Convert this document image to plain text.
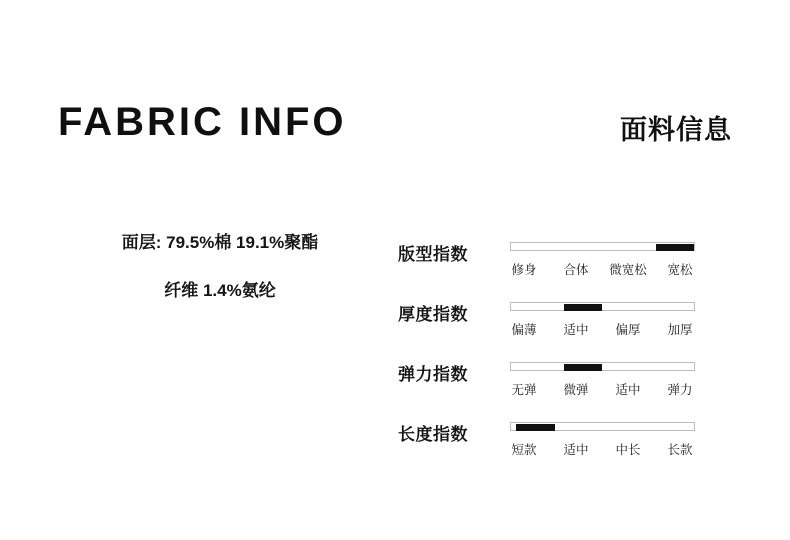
FABRIC INFO	面料信息
面层: 79.5%棉 19.1%聚酯
纤维 1.4%氨纶
版型指数
修身	合体	微宽松	宽松
厚度指数
偏薄	适中	偏厚	加厚
弹力指数
无弹	微弹	适中	弹力
长度指数
短款	适中	中长	长款
